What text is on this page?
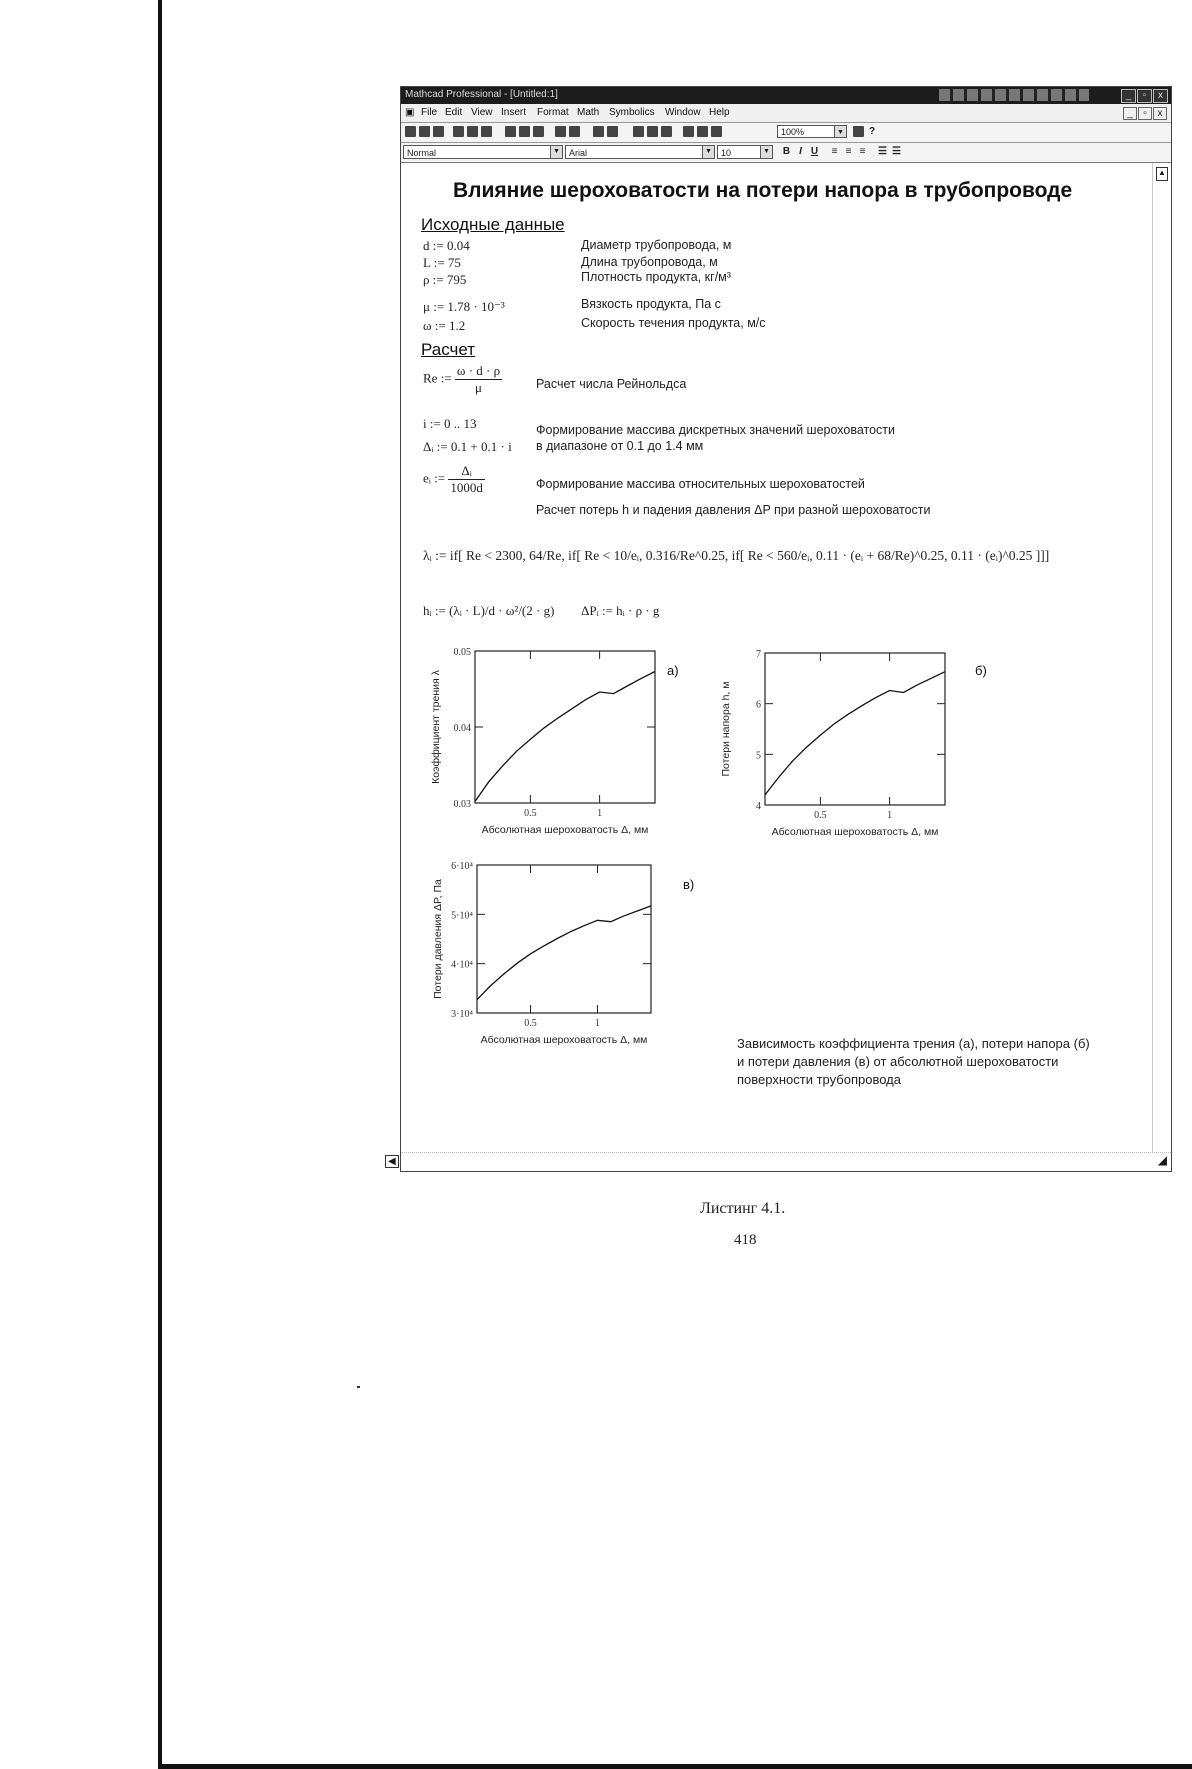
Mathcad Professional - [Untitled:1]	_ ▫ x
▣ File Edit View Insert Format Math Symbolics Window Help	_ ▫ x
100%	▼	?
Normal	▼	Arial	▼	10	▼ B I U ≡ ≡ ≡ ☰ ☰
Влияние шероховатости на потери напора в трубопроводе
Исходные данные
d := 0.04	Диаметр трубопровода, м
L := 75	Длина трубопровода, м
ρ := 795	Плотность продукта, кг/м³
μ := 1.78 · 10⁻³	Вязкость продукта, Па с
ω := 1.2	Скорость течения продукта, м/с
Расчет
Re := $\frac{\omega \cdot d \cdot \rho}{\mu}$	Расчет числа Рейнольдса
i := 0 .. 13
Δᵢ := 0.1 + 0.1 · i
Формирование массива дискретных значений шероховатости
в диапазоне от 0.1 до 1.4 мм
eᵢ := $\frac{\text{Δᵢ}}{1000d}$	Формирование массива относительных шероховатостей
Расчет потерь h и падения давления ΔP при разной шероховатости
λᵢ := if[ Re < 2300, 64/Re, if[ Re < 10/eᵢ, 0.316/Re^0.25, if[ Re < 560/eᵢ, 0.11 · (eᵢ + 68/Re)^0.25, 0.11 · (eᵢ)^0.25 ]]]
hᵢ := (λᵢ · L)/d · ω²/(2 · g) ΔPᵢ := hᵢ · ρ · g
0.03
0.04
0.05
0.5	1
Абсолютная шероховатость Δ, мм
Коэффициент трения λ	а)
4
5
6
7
0.5	1
Абсолютная шероховатость Δ, мм
Потери напора h, м
б)
3·10⁴
4·10⁴
5·10⁴
6·10⁴
0.5	1
Абсолютная шероховатость Δ, мм
Потери давления ΔP, Па	в)
Зависимость коэффициента трения (а), потери напора (б) и потери давления (в) от абсолютной шероховатости поверхности трубопровода
▲
◀	◢
Листинг 4.1.
418
